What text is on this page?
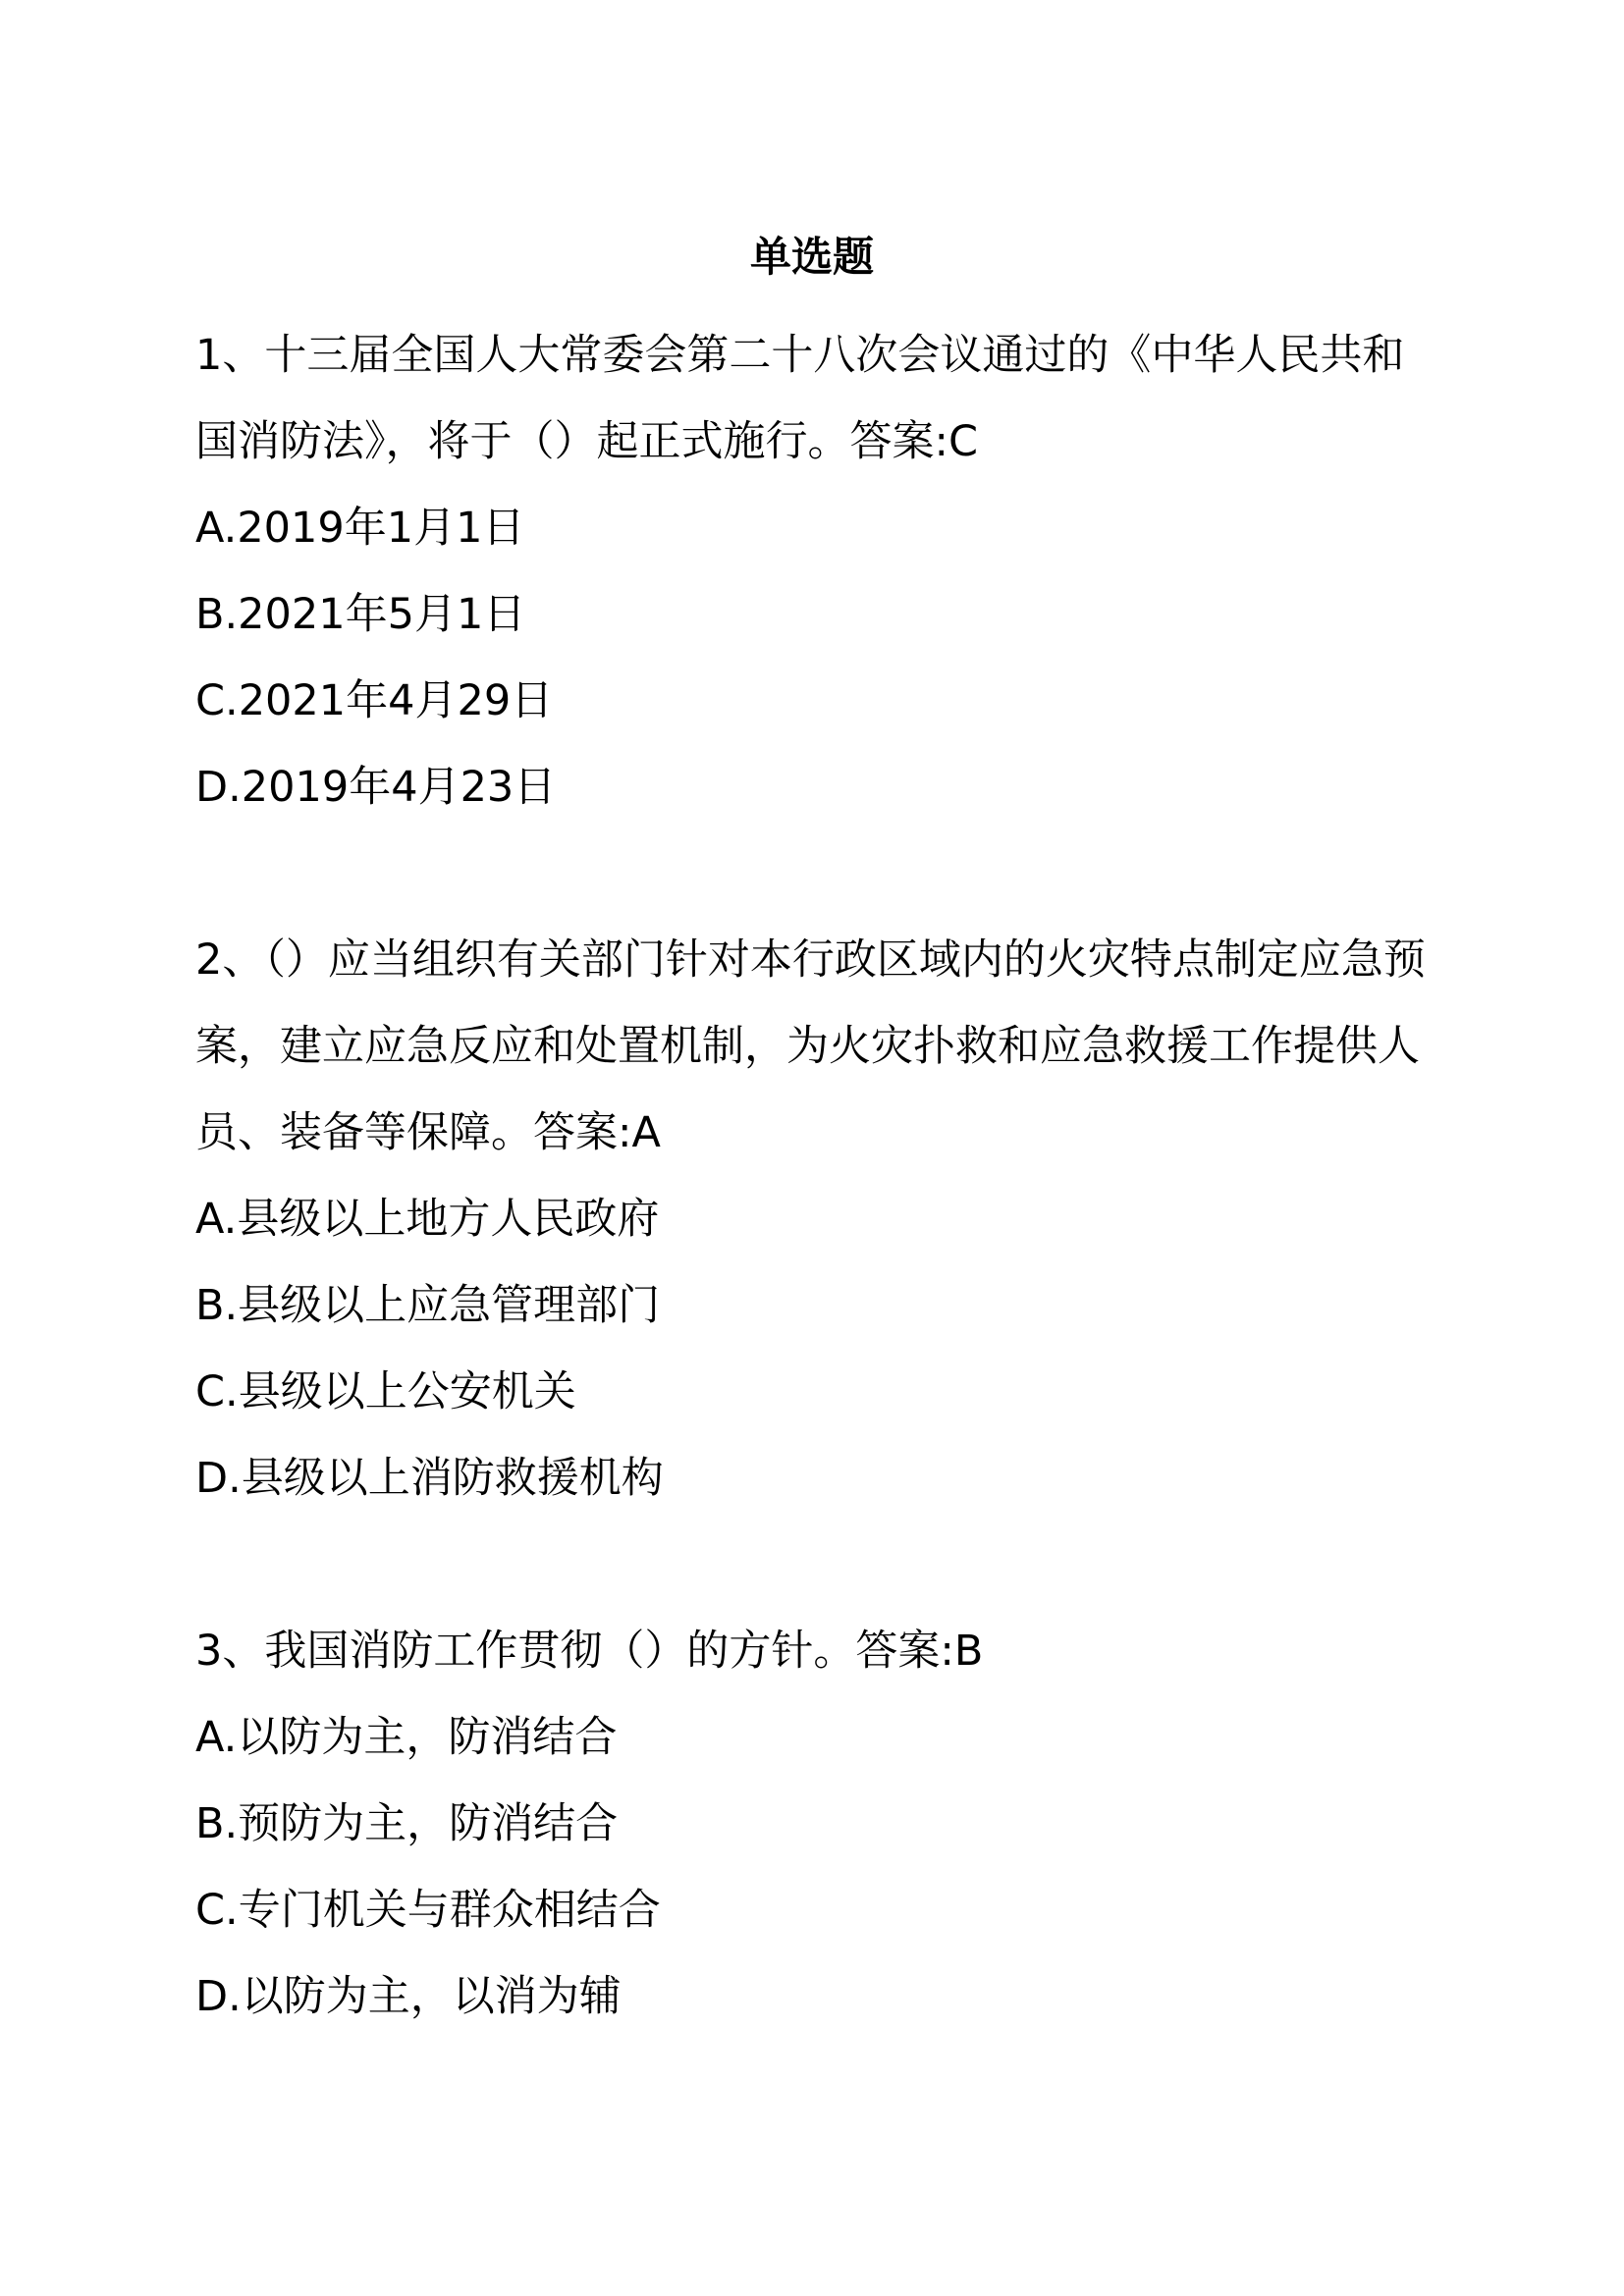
单选题

1、十三届全国人大常委会第二十八次会议通过的《中华人民共和国消防法》，将于（）起正式施行。答案:C

A.2019年1月1日

B.2021年5月1日

C.2021年4月29日

D.2019年4月23日

2、（）应当组织有关部门针对本行政区域内的火灾特点制定应急预案，建立应急反应和处置机制，为火灾扑救和应急救援工作提供人员、装备等保障。答案:A

A.县级以上地方人民政府

B.县级以上应急管理部门

C.县级以上公安机关

D.县级以上消防救援机构

3、我国消防工作贯彻（）的方针。答案:B

A.以防为主，防消结合

B.预防为主，防消结合

C.专门机关与群众相结合

D.以防为主，以消为辅
